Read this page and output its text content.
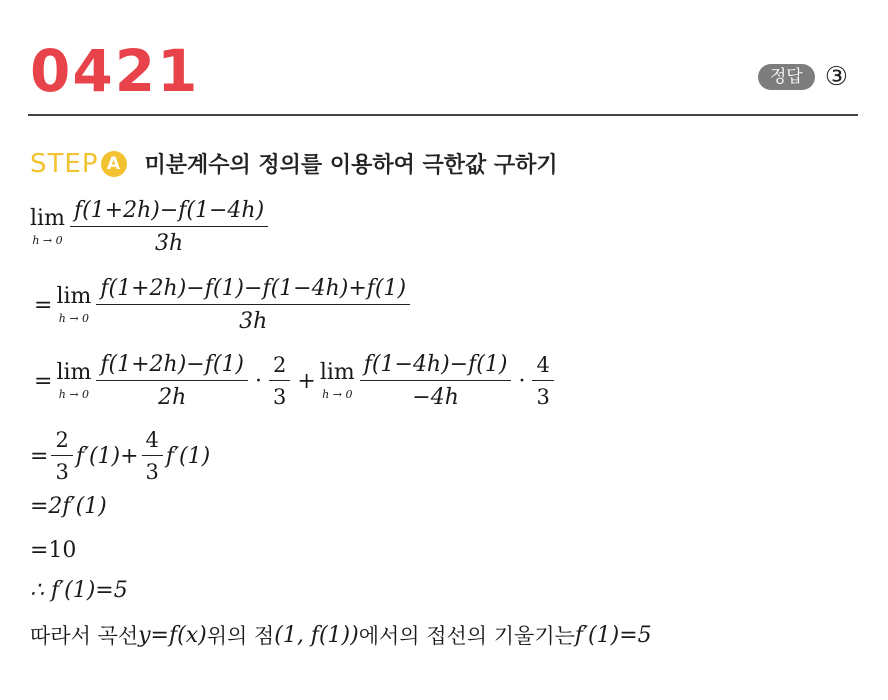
0421	정답 ③
STEP A 미분계수의 정의를 이용하여 극한값 구하기
lim
$h \to 0 \frac{f(1+2h)-f(1-4h)}{3h}$
= lim
$h \to 0 \frac{f(1+2h)-f(1)-f(1-4h)+f(1)}{3h}$
= lim
$h \to 0 \frac{f(1+2h)-f(1)}{2h} \cdot \frac{2}{3} + \lim$
$h \to 0 \frac{f(1-4h)-f(1)}{-4h} \cdot \frac{4}{3}$
= $\frac{2}{3} f'(1)+ \frac{4}{3} f'(1)$
=2f′(1)
=10
∴ f′(1)=5
따라서 곡선 y=f(x) 위의 점 (1, f(1)) 에서의 접선의 기울기는 f′(1)=5
